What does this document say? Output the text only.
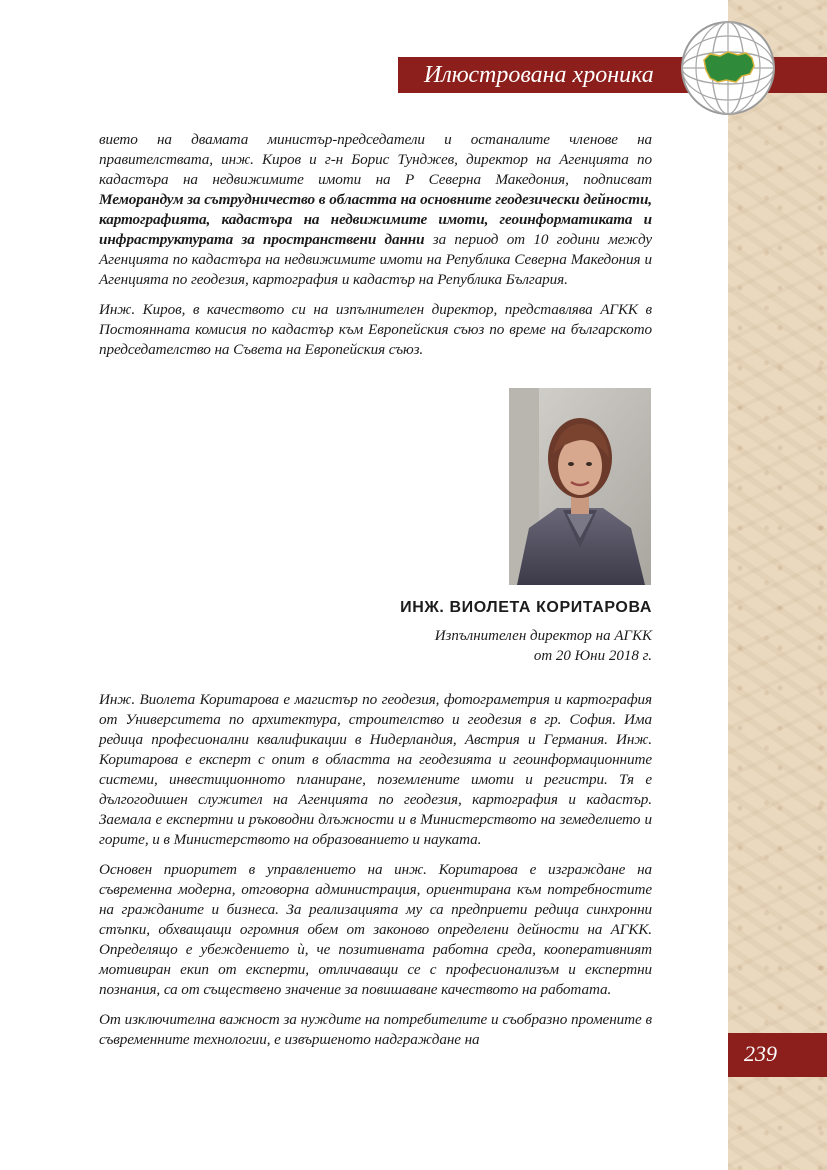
Илюстрована хроника

вието на двамата министър-председатели и останалите членове на правителствата, инж. Киров и г-н Борис Тунджев, директор на Агенцията по кадастъра на недвижимите имоти на Р Северна Македония, подписват Меморандум за сътрудничество в областта на основните геодезически дейности, картографията, кадастъра на недвижимите имоти, геоинформатиката и инфраструктурата за пространствени данни за период от 10 години между Агенцията по кадастъра на недвижимите имоти на Република Северна Македония и Агенцията по геодезия, картография и кадастър на Република България.

Инж. Киров, в качеството си на изпълнителен директор, представлява АГКК в Постоянната комисия по кадастър към Европейския съюз по време на българското председателство на Съвета на Европейския съюз.

ИНЖ. ВИОЛЕТА КОРИТАРОВА
Изпълнителен директор на АГКК
от 20 Юни 2018 г.

Инж. Виолета Коритарова е магистър по геодезия, фотограметрия и картография от Университета по архитектура, строителство и геодезия в гр. София. Има редица професионални квалификации в Нидерландия, Австрия и Германия. Инж. Коритарова е експерт с опит в областта на геодезията и геоинформационните системи, инвестиционното планиране, поземлените имоти и регистри. Тя е дългогодишен служител на Агенцията по геодезия, картография и кадастър. Заемала е експертни и ръководни длъжности и в Министерството на земеделието и горите, и в Министерството на образованието и науката.

Основен приоритет в управлението на инж. Коритарова е изграждане на съвременна модерна, отговорна администрация, ориентирана към потребностите на гражданите и бизнеса. За реализацията му са предприети редица синхронни стъпки, обхващащи огромния обем от законово определени дейности на АГКК. Определящо е убеждението ѝ, че позитивната работна среда, кооперативният мотивиран екип от експерти, отличаващи се с професионализъм и експертни познания, са от съществено значение за повишаване качеството на работата.

От изключителна важност за нуждите на потребителите и съобразно промените в съвременните технологии, е извършеното надграждане на

239
